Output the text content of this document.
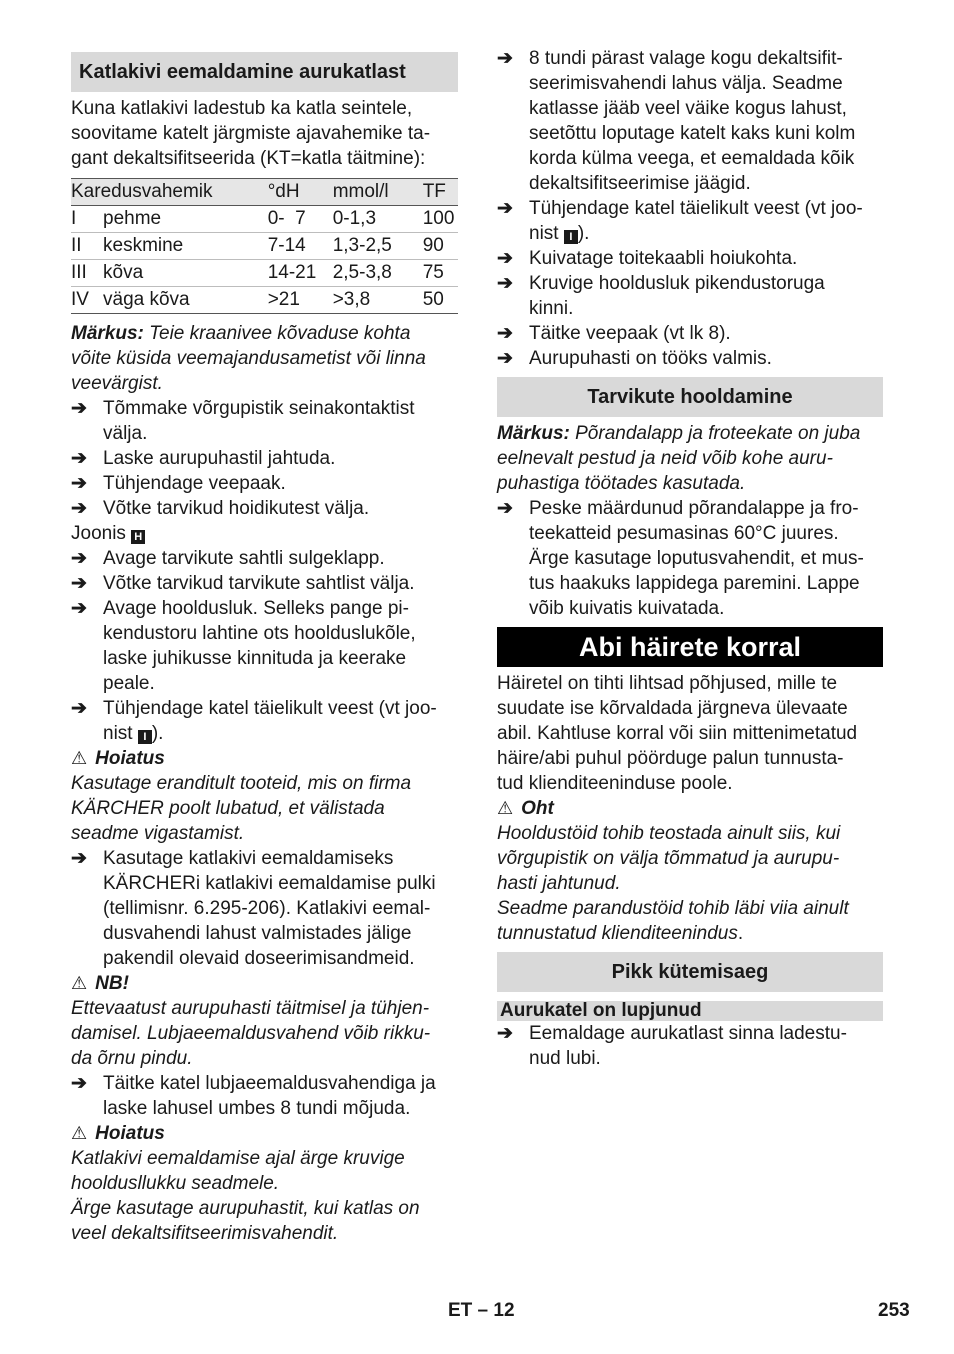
Katlakivi eemaldamine aurukatlast
Kuna katlakivi ladestub ka katla seintele,
soovitame katelt järgmiste ajavahemike ta-
gant dekaltsifitseerida (KT=katla täitmine):
Karedusvahemik		°dH	mmol/l	TF
I	pehme	0-  7	0-1,3	100
II	keskmine	7-14	1,3-2,5	90
III	kõva	14-21	2,5-3,8	75
IV	väga kõva	>21	>3,8	50
Märkus: Teie kraanivee kõvaduse kohta
võite küsida veemajandusametist või linna
veevärgist.
➔ Tõmmake võrgupistik seinakontaktist
välja.
➔ Laske aurupuhastil jahtuda.
➔ Tühjendage veepaak.
➔ Võtke tarvikud hoidikutest välja.
Joonis H
➔ Avage tarvikute sahtli sulgeklapp.
➔ Võtke tarvikud tarvikute sahtlist välja.
➔ Avage hooldusluk. Selleks pange pi-
kendustoru lahtine ots hoolduslukõle,
laske juhikusse kinnituda ja keerake
peale.
➔ Tühjendage katel täielikult veest (vt joo-
nist I ).
⚠ Hoiatus
Kasutage eranditult tooteid, mis on firma
KÄRCHER poolt lubatud, et välistada
seadme vigastamist.
➔ Kasutage katlakivi eemaldamiseks
KÄRCHERi katlakivi eemaldamise pulki
(tellimisnr. 6.295-206). Katlakivi eemal-
dusvahendi lahust valmistades jälige
pakendil olevaid doseerimisandmeid.
⚠ NB!
Ettevaatust aurupuhasti täitmisel ja tühjen-
damisel. Lubjaeemaldusvahend võib rikku-
da õrnu pindu.
➔ Täitke katel lubjaeemaldusvahendiga ja
laske lahusel umbes 8 tundi mõjuda.
⚠ Hoiatus
Katlakivi eemaldamise ajal ärge kruvige
hooldusllukku seadmele.
Ärge kasutage aurupuhastit, kui katlas on
veel dekaltsifitseerimisvahendit.
➔ 8 tundi pärast valage kogu dekaltsifit-
seerimisvahendi lahus välja. Seadme
katlasse jääb veel väike kogus lahust,
seetõttu loputage katelt kaks kuni kolm
korda külma veega, et eemaldada kõik
dekaltsifitseerimise jäägid.
➔ Tühjendage katel täielikult veest (vt joo-
nist I ).
➔ Kuivatage toitekaabli hoiukohta.
➔ Kruvige hooldusluk pikendustoruga
kinni.
➔ Täitke veepaak (vt lk 8).
➔ Aurupuhasti on tööks valmis.
Tarvikute hooldamine
Märkus: Põrandalapp ja froteekate on juba
eelnevalt pestud ja neid võib kohe auru-
puhastiga töötades kasutada.
➔ Peske määrdunud põrandalappe ja fro-
teekatteid pesumasinas 60°C juures.
Ärge kasutage loputusvahendit, et mus-
tus haakuks lappidega paremini. Lappe
võib kuivatis kuivatada.
Abi häirete korral
Häiretel on tihti lihtsad põhjused, mille te
suudate ise kõrvaldada järgneva ülevaate
abil. Kahtluse korral või siin mittenimetatud
häire/abi puhul pöörduge palun tunnusta-
tud klienditeeninduse poole.
⚠ Oht
Hooldustöid tohib teostada ainult siis, kui
võrgupistik on välja tõmmatud ja aurupu-
hasti jahtunud.
Seadme parandustöid tohib läbi viia ainult
tunnustatud klienditeenindus.
Pikk kütemisaeg
Aurukatel on lupjunud
➔ Eemaldage aurukatlast sinna ladestu-
nud lubi.
ET – 12	253
